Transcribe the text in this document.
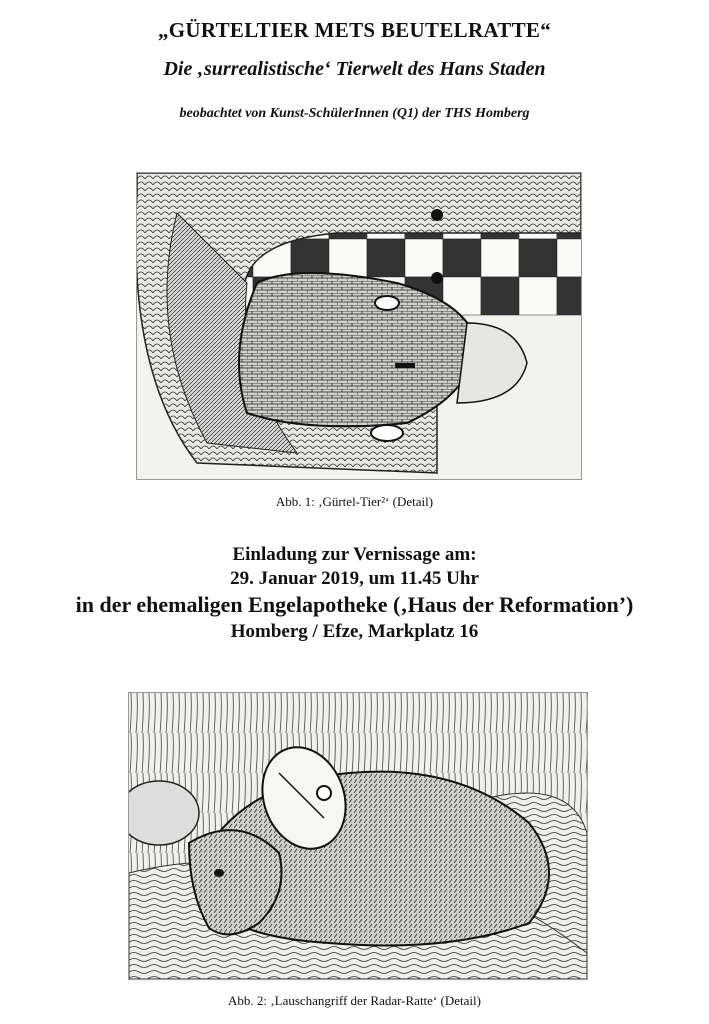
„GÜRTELTIER METS BEUTELRATTE“
Die ‚surrealistische‘ Tierwelt des Hans Staden
beobachtet von Kunst-SchülerInnen (Q1) der THS Homberg
Abb. 1: ‚Gürtel-Tier²‘ (Detail)
Einladung zur Vernissage am:
29. Januar 2019, um 11.45 Uhr
in der ehemaligen Engelapotheke (‚Haus der Reformation’)
Homberg / Efze, Markplatz 16
Abb. 2: ‚Lauschangriff der Radar-Ratte‘ (Detail)
